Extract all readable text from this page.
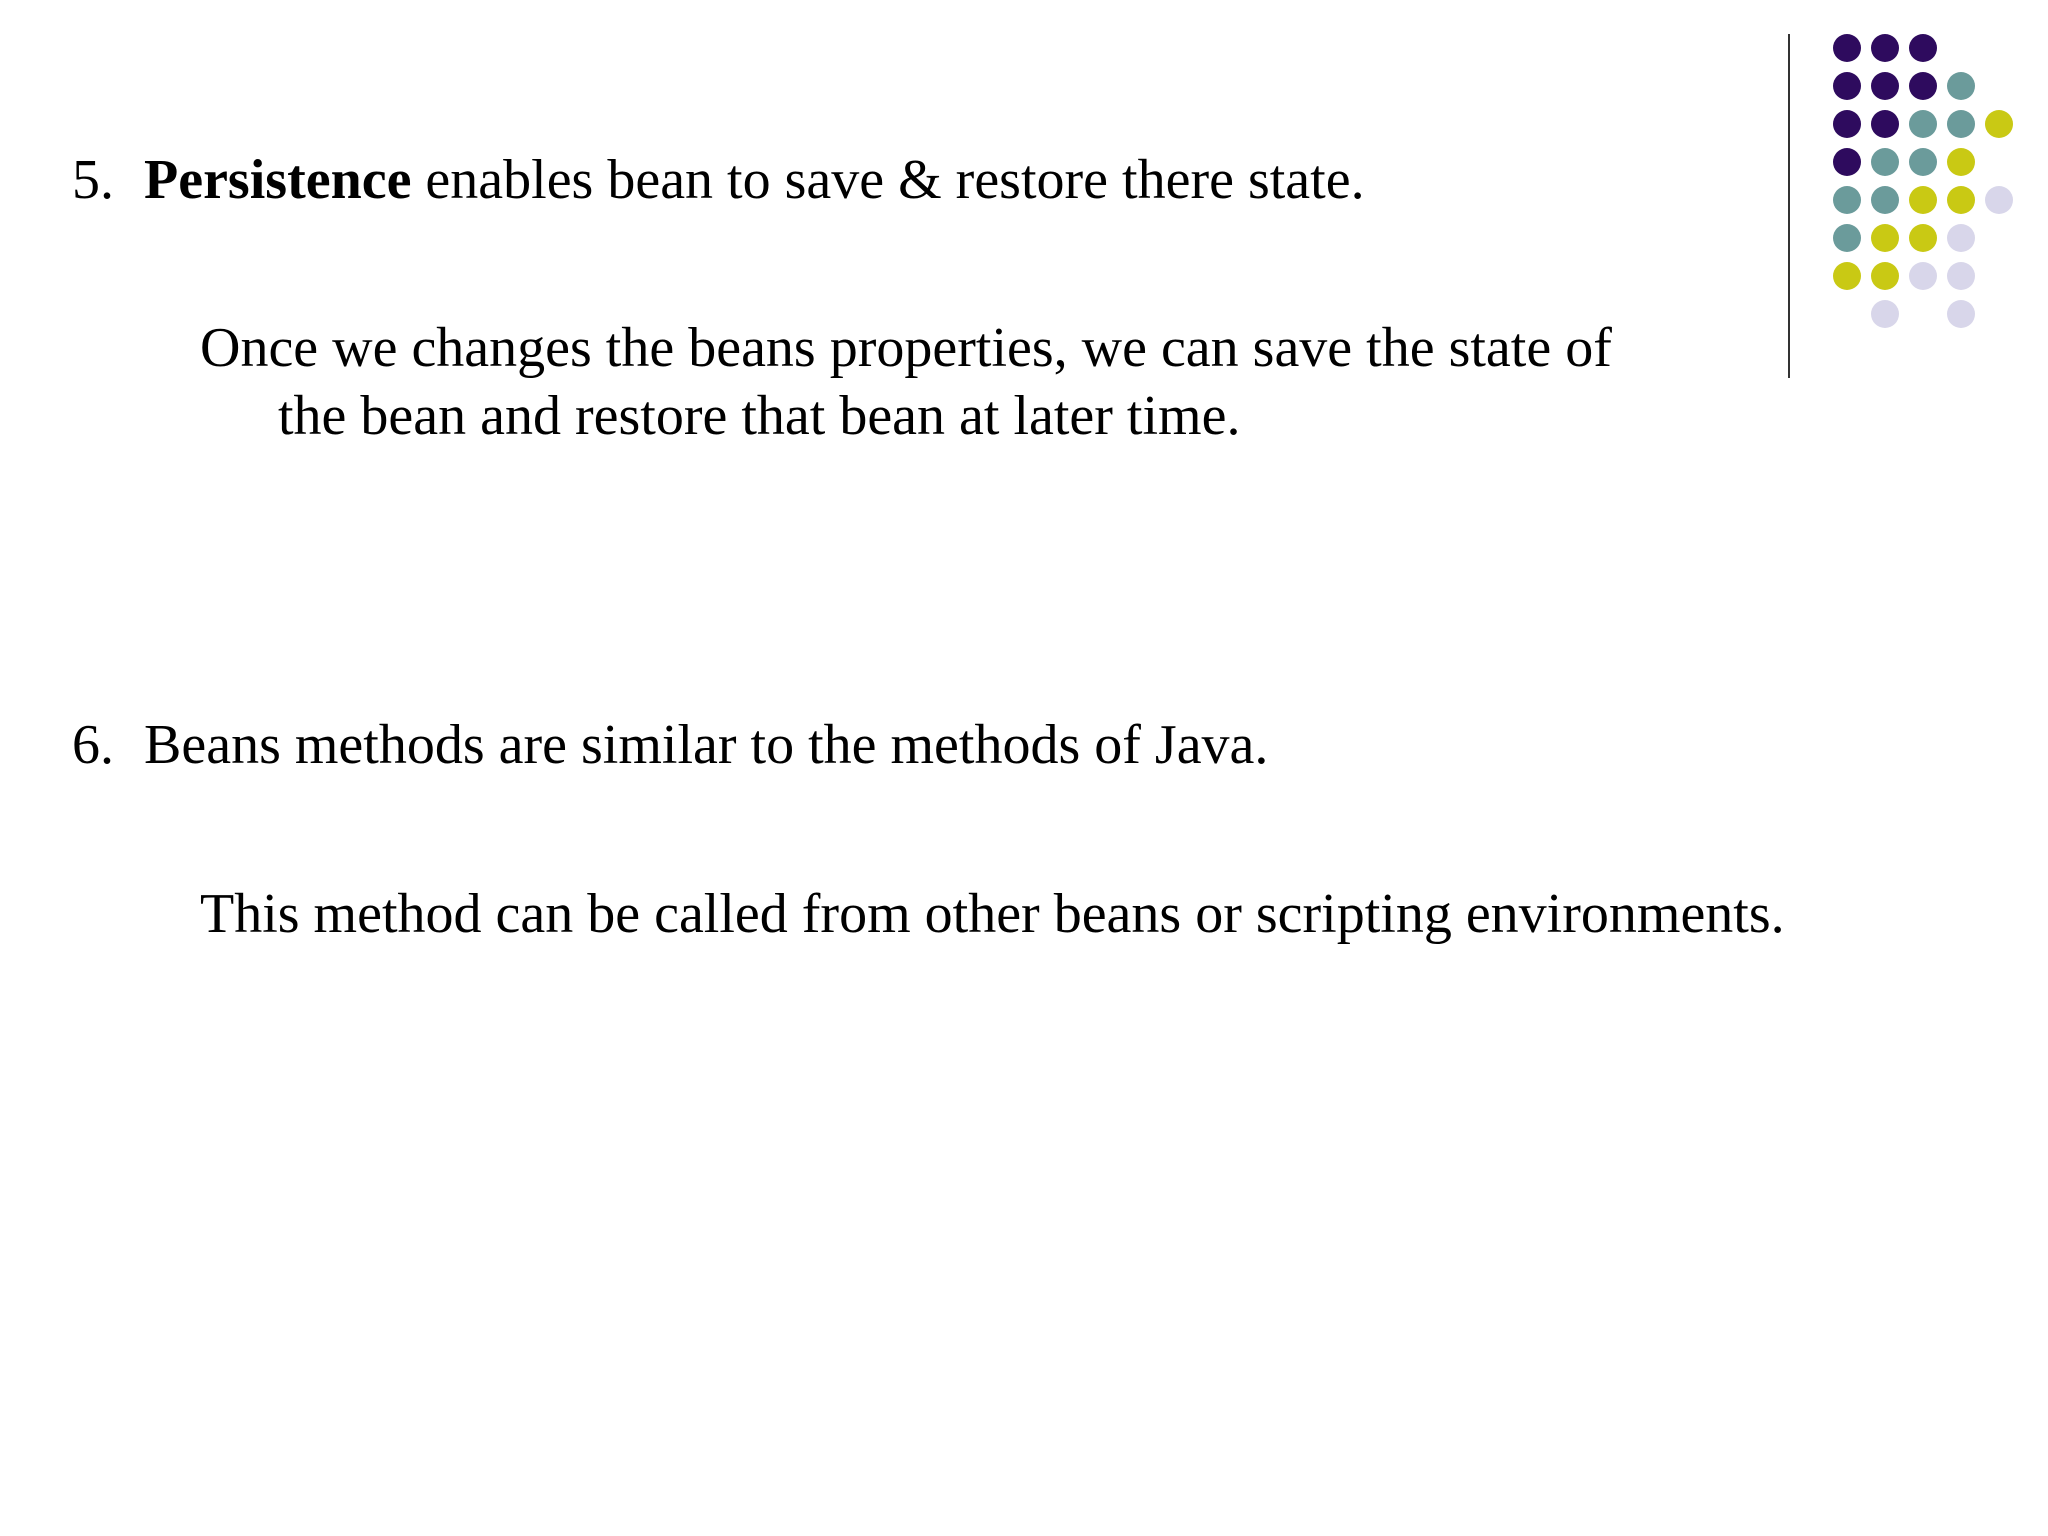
5. Persistence enables bean to save & restore there state.

Once we changes the beans properties, we can save the state of
the bean and restore that bean at later time.

6. Beans methods are similar to the methods of Java.

This method can be called from other beans or scripting environments.
